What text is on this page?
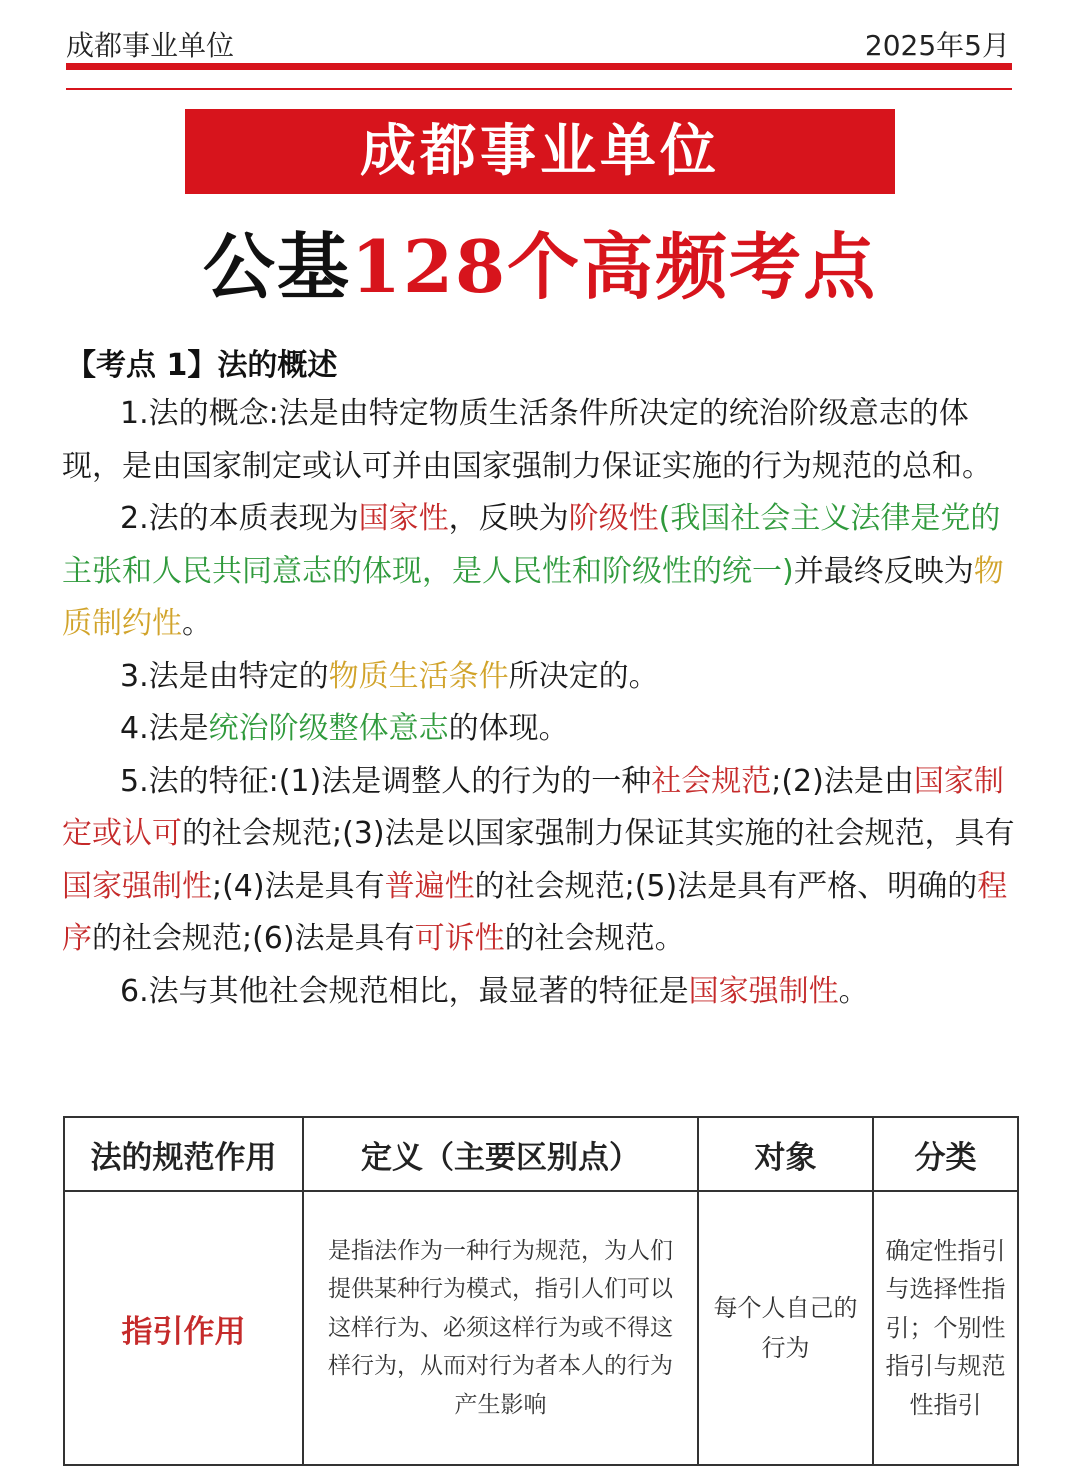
成都事业单位	2025年5月
成都事业单位
公基128个高频考点
【考点 1】法的概述

1.法的概念:法是由特定物质生活条件所决定的统治阶级意志的体现，是由国家制定或认可并由国家强制力保证实施的行为规范的总和。

2.法的本质表现为国家性，反映为阶级性(我国社会主义法律是党的主张和人民共同意志的体现，是人民性和阶级性的统一)并最终反映为物质制约性。

3.法是由特定的物质生活条件所决定的。

4.法是统治阶级整体意志的体现。

5.法的特征:(1)法是调整人的行为的一种社会规范;(2)法是由国家制定或认可的社会规范;(3)法是以国家强制力保证其实施的社会规范，具有国家强制性;(4)法是具有普遍性的社会规范;(5)法是具有严格、明确的程序的社会规范;(6)法是具有可诉性的社会规范。

6.法与其他社会规范相比，最显著的特征是国家强制性。

法的规范作用	定义（主要区别点）	对象	分类
指引作用	是指法作为一种行为规范，为人们提供某种行为模式，指引人们可以这样行为、必须这样行为或不得这样行为，从而对行为者本人的行为产生影响	每个人自己的行为	确定性指引与选择性指引；个别性指引与规范性指引
